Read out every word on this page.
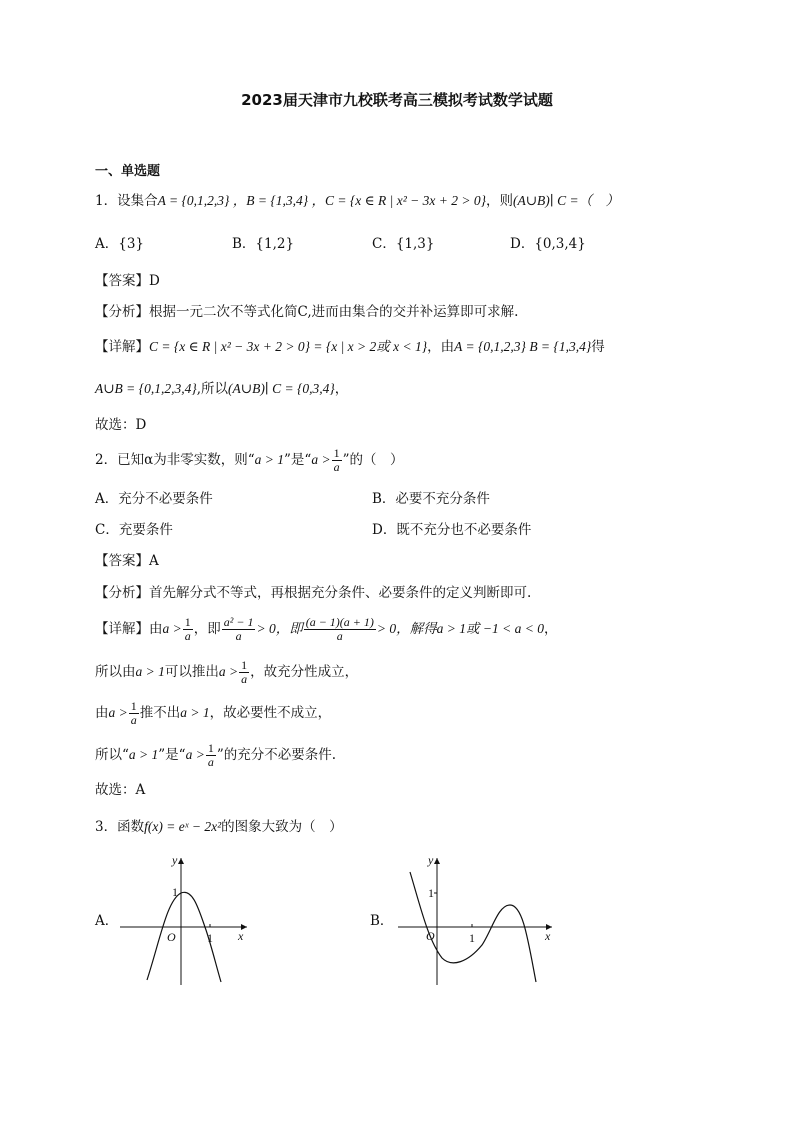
2023届天津市九校联考高三模拟考试数学试题
一、单选题
1．设集合A = {0,1,2,3} ，B = {1,3,4} ，C = {x ∈ R | x² − 3x + 2 > 0}，则(A∪B)∣ C =（　）
A．{3}	B．{1,2}	C．{1,3}	D．{0,3,4}
【答案】D
【分析】根据一元二次不等式化简C,进而由集合的交并补运算即可求解.
【详解】C = {x ∈ R | x² − 3x + 2 > 0} = {x | x > 2或 x < 1}，由A = {0,1,2,3} B = {1,3,4}得
A∪B = {0,1,2,3,4},所以(A∪B)∣ C = {0,3,4}，
故选：D
2．已知α为非零实数，则“a > 1”是“$a > \frac{1}{a}$ ”的（　）
A．充分不必要条件	B．必要不充分条件
C．充要条件	D．既不充分也不必要条件
【答案】A
【分析】首先解分式不等式，再根据充分条件、必要条件的定义判断即可.
【详解】由$a > \frac{1}{a}$ ，即 $\frac{\text{a² − 1}}{a} > 0$，即 $\frac{(a - 1)(a + 1)}{a} > 0$，解得a > 1或 −1 < a < 0，
所以由a > 1可以推出$a > \frac{1}{a}$ ，故充分性成立，
由$a > \frac{1}{a}$ 推不出a > 1，故必要性不成立，
所以“a > 1”是“$a > \frac{1}{a}$ ”的充分不必要条件.
故选：A
3．函数f(x) = eˣ − 2x²的图象大致为（　）
A．
y
x
O
1
1
B．
y
x
O
1
1
